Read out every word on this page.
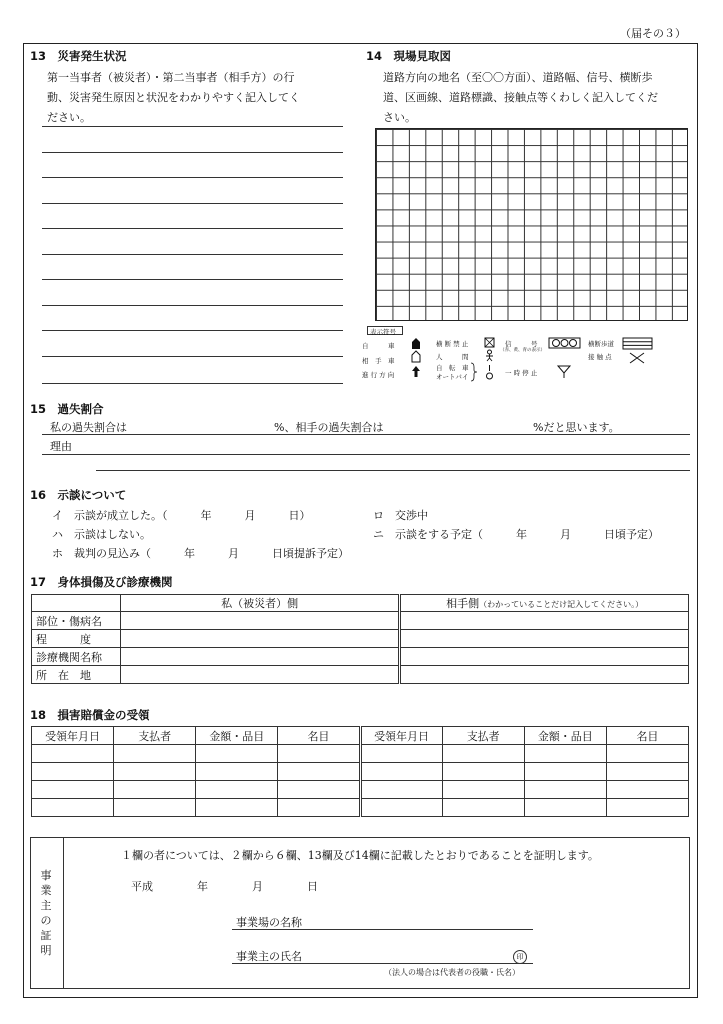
（届その３）
13　災害発生状況
第一当事者（被災者）・第二当事者（相手方）の行
動、災害発生原因と状況をわかりやすく記入してく
ださい。
14　現場見取図
道路方向の地名（至〇〇方面）、道路幅、信号、横断歩
道、区画線、道路標識、接触点等くわしく記入してくだ
さい。
表示符号
自　　　車
相　手　車
進 行 方 向
横 断 禁 止
人　　　間
自　転　車
オートバイ
信　　　号
（赤、黄、青の表示）
一 時 停 止
横断歩道
接 触 点
15　過失割合
私の過失割合は	%、相手の過失割合は	%だと思います。
理由
16　示談について
イ　示談が成立した。（　　　年　　　月　　　日）	ロ　交渉中
ハ　示談はしない。	ニ　示談をする予定（　　　年　　　月　　　日頃予定）
ホ　裁判の見込み（　　　年　　　月　　　日頃提訴予定）
17　身体損傷及び診療機関
	私（被災者）側	相手側（わかっていることだけ記入してください。）
部位・傷病名		
程　　　度		
診療機関名称		
所　在　地		
18　損害賠償金の受領
受領年月日	支払者	金額・品目	名目	受領年月日	支払者	金額・品目	名目

事業主の証明
１欄の者については、２欄から６欄、13欄及び14欄に記載したとおりであることを証明します。
平成　　　　年　　　　月　　　　日
事業場の名称
事業主の氏名	印
（法人の場合は代表者の役職・氏名）
